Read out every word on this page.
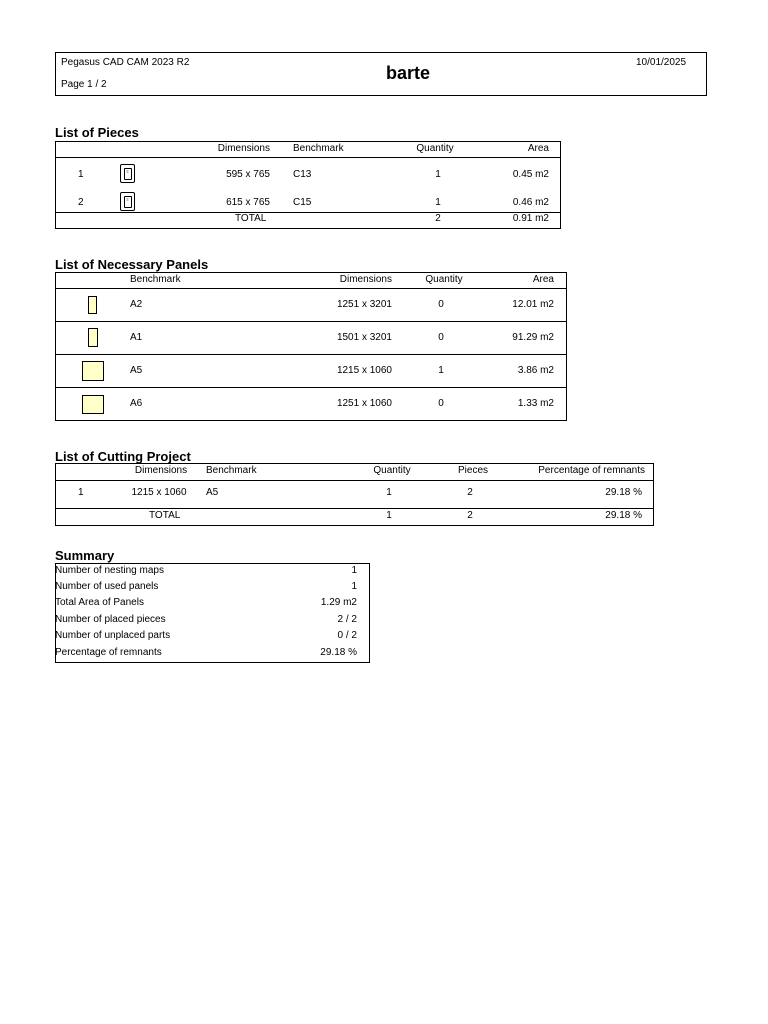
Pegasus CAD CAM 2023 R2
Page 1 / 2
barte
10/01/2025
List of Pieces
Dimensions Benchmark	Quantity	Area
1	≡	595 x 765 C13	1	0.45 m2
2	≡	615 x 765 C15	1	0.46 m2
TOTAL	2	0.91 m2
List of Necessary Panels
Benchmark	Dimensions	Quantity	Area
A2	1251 x 3201	0	12.01 m2
A1	1501 x 3201	0	91.29 m2
A5	1215 x 1060	1	3.86 m2
A6	1251 x 1060	0	1.33 m2
List of Cutting Project
Dimensions	Benchmark	Quantity	Pieces	Percentage of remnants
1	1215 x 1060	A5	1	2	29.18 %
TOTAL	1	2	29.18 %
Summary
Number of nesting maps	1
Number of used panels	1
Total Area of Panels	1.29 m2
Number of placed pieces	2 / 2
Number of unplaced parts	0 / 2
Percentage of remnants	29.18 %
